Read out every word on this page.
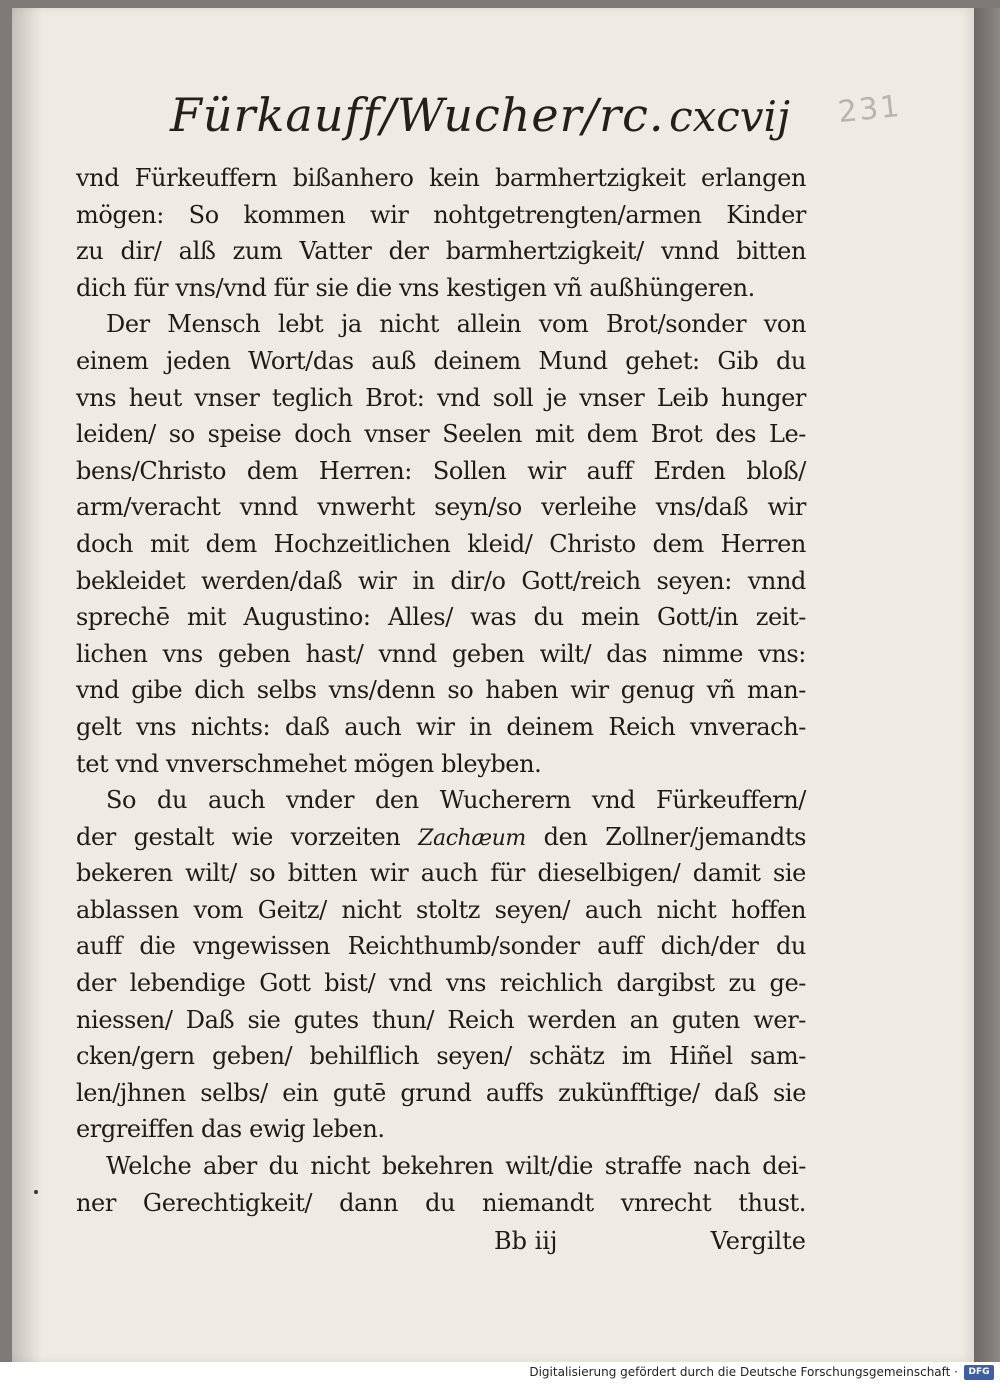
Fürkauff/Wucher/rc. cxcvij 231
vnd Fürkeuffern bißanhero kein barmhertzigkeit erlangen
mögen: So kommen wir nohtgetrengten/armen Kinder
zu dir/ alß zum Vatter der barmhertzigkeit/ vnnd bitten
dich für vns/vnd für sie die vns kestigen vñ außhüngeren.
Der Mensch lebt ja nicht allein vom Brot/sonder von
einem jeden Wort/das auß deinem Mund gehet: Gib du
vns heut vnser teglich Brot: vnd soll je vnser Leib hunger
leiden/ so speise doch vnser Seelen mit dem Brot des Le-
bens/Christo dem Herren: Sollen wir auff Erden bloß/
arm/veracht vnnd vnwerht seyn/so verleihe vns/daß wir
doch mit dem Hochzeitlichen kleid/ Christo dem Herren
bekleidet werden/daß wir in dir/o Gott/reich seyen: vnnd
sprechē mit Augustino: Alles/ was du mein Gott/in zeit-
lichen vns geben hast/ vnnd geben wilt/ das nimme vns:
vnd gibe dich selbs vns/denn so haben wir genug vñ man-
gelt vns nichts: daß auch wir in deinem Reich vnverach-
tet vnd vnverschmehet mögen bleyben.
So du auch vnder den Wucherern vnd Fürkeuffern/
der gestalt wie vorzeiten Zachæum den Zollner/jemandts
bekeren wilt/ so bitten wir auch für dieselbigen/ damit sie
ablassen vom Geitz/ nicht stoltz seyen/ auch nicht hoffen
auff die vngewissen Reichthumb/sonder auff dich/der du
der lebendige Gott bist/ vnd vns reichlich dargibst zu ge-
niessen/ Daß sie gutes thun/ Reich werden an guten wer-
cken/gern geben/ behilflich seyen/ schätz im Hiñel sam-
len/jhnen selbs/ ein gutē grund auffs zukünfftige/ daß sie
ergreiffen das ewig leben.
Welche aber du nicht bekehren wilt/die straffe nach dei-
ner Gerechtigkeit/ dann du niemandt vnrecht thust.
Bb iij	Vergilte
Digitalisierung gefördert durch die Deutsche Forschungsgemeinschaft ·	DFG
